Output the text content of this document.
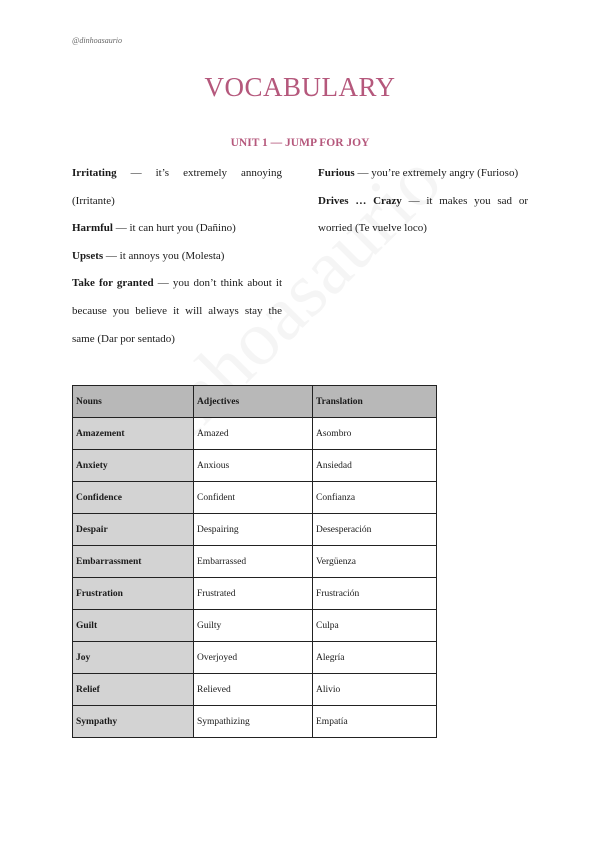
@dinhoasaurio
VOCABULARY
UNIT 1 — JUMP FOR JOY

Irritating — it’s extremely annoying (Irritante)

Harmful — it can hurt you (Dañino)

Upsets — it annoys you (Molesta)

Take for granted — you don’t think about it because you believe it will always stay the same (Dar por sentado)

Furious — you’re extremely angry (Furioso)

Drives … Crazy — it makes you sad or worried (Te vuelve loco)

Nouns	Adjectives	Translation
Amazement	Amazed	Asombro
Anxiety	Anxious	Ansiedad
Confidence	Confident	Confianza
Despair	Despairing	Desesperación
Embarrassment	Embarrassed	Vergüenza
Frustration	Frustrated	Frustración
Guilt	Guilty	Culpa
Joy	Overjoyed	Alegría
Relief	Relieved	Alivio
Sympathy	Sympathizing	Empatía
